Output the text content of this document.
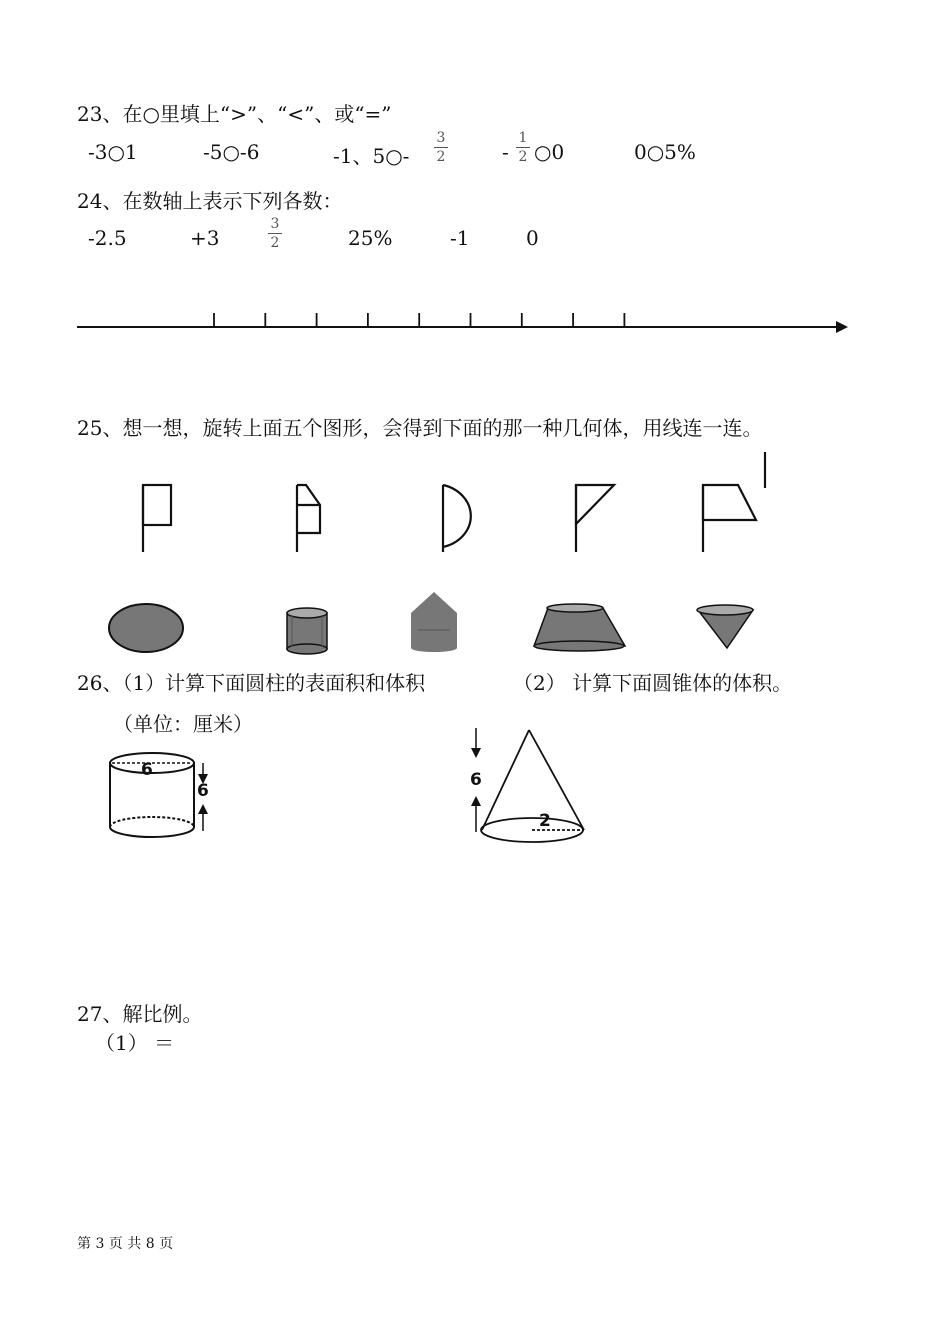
23、在○里填上“>”、“<”、或“=”
-3○1	-5○-6	-1、5○-
3
2	-
1
2 ○0	0○5%
24、在数轴上表示下列各数：
-2.5	+3
3
2	25%	-1	0
25、想一想，旋转上面五个图形，会得到下面的那一种几何体，用线连一连。
26、（1）计算下面圆柱的表面积和体积	（2） 计算下面圆锥体的体积。
（单位：厘米）
6
6
6
2
27、解比例。
（1） ＝
第 3 页 共 8 页
